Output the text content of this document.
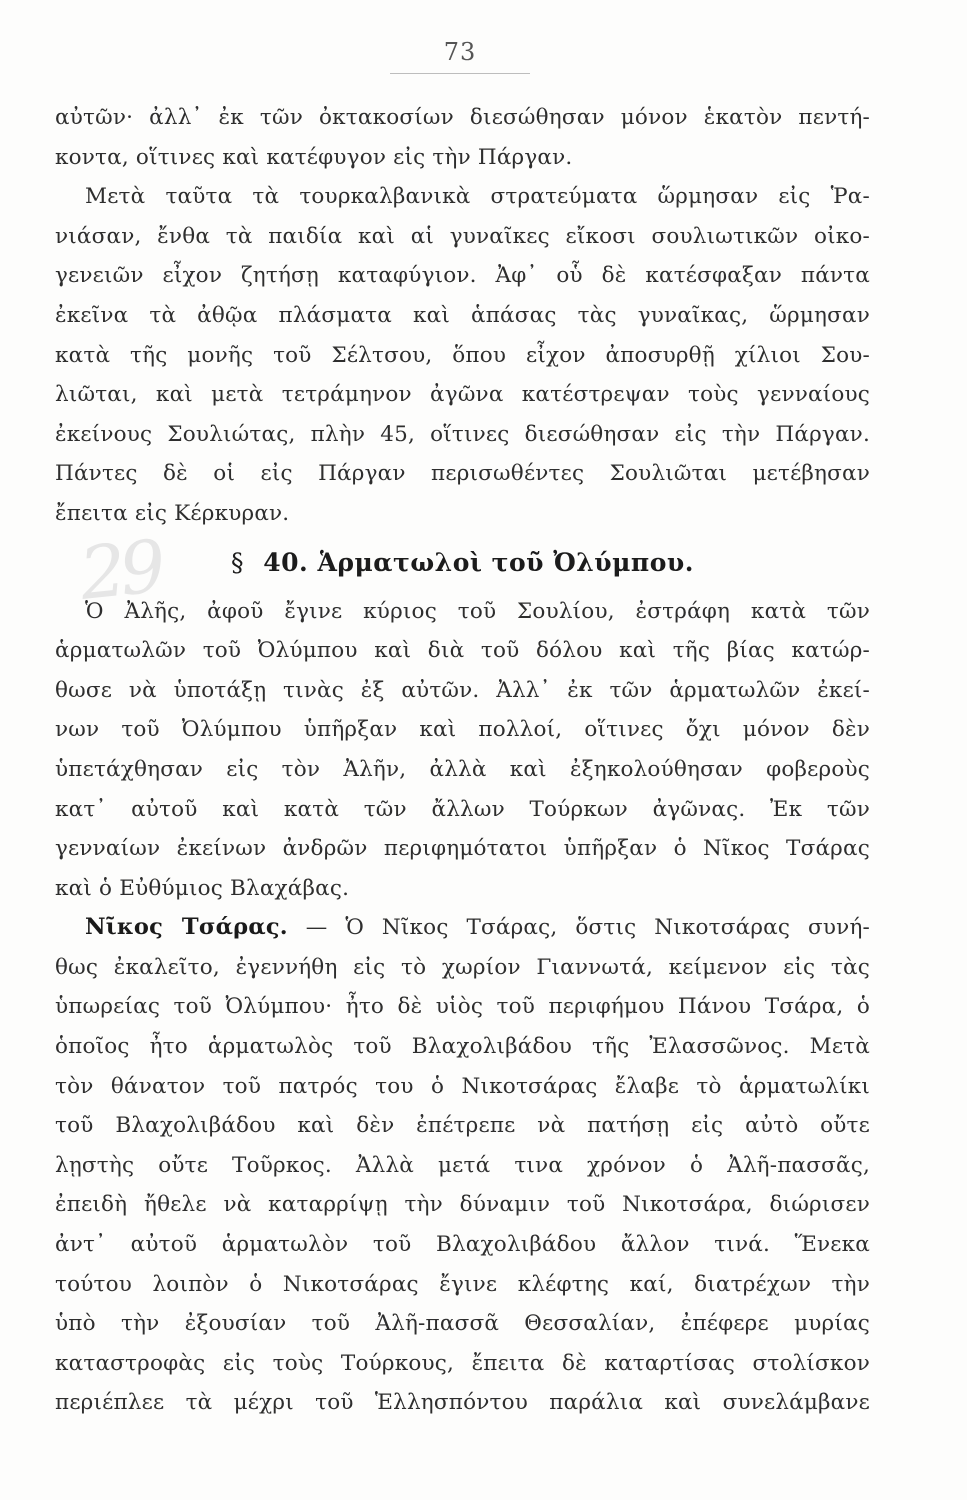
73
29
αὐτῶν· ἀλλ᾽ ἐκ τῶν ὀκτακοσίων διεσώθησαν μόνον ἑκατὸν πεντή-
κοντα, οἵτινες καὶ κατέφυγον εἰς τὴν Πάργαν.
Μετὰ ταῦτα τὰ τουρκαλβανικὰ στρατεύματα ὥρμησαν εἰς Ῥα-
νιάσαν, ἔνθα τὰ παιδία καὶ αἱ γυναῖκες εἴκοσι σουλιωτικῶν οἰκο-
γενειῶν εἶχον ζητήσῃ καταφύγιον. Ἀφ᾽ οὗ δὲ κατέσφαξαν πάντα
ἐκεῖνα τὰ ἀθῷα πλάσματα καὶ ἁπάσας τὰς γυναῖκας, ὥρμησαν
κατὰ τῆς μονῆς τοῦ Σέλτσου, ὅπου εἶχον ἀποσυρθῇ χίλιοι Σου-
λιῶται, καὶ μετὰ τετράμηνον ἀγῶνα κατέστρεψαν τοὺς γενναίους
ἐκείνους Σουλιώτας, πλὴν 45, οἵτινες διεσώθησαν εἰς τὴν Πάργαν.
Πάντες δὲ οἱ εἰς Πάργαν περισωθέντες Σουλιῶται μετέβησαν
ἔπειτα εἰς Κέρκυραν.
§ 40. Ἁρματωλοὶ τοῦ Ὀλύμπου.
Ὁ Ἀλῆς, ἀφοῦ ἔγινε κύριος τοῦ Σουλίου, ἐστράφη κατὰ τῶν
ἁρματωλῶν τοῦ Ὀλύμπου καὶ διὰ τοῦ δόλου καὶ τῆς βίας κατώρ-
θωσε νὰ ὑποτάξῃ τινὰς ἐξ αὐτῶν. Ἀλλ᾽ ἐκ τῶν ἁρματωλῶν ἐκεί-
νων τοῦ Ὀλύμπου ὑπῆρξαν καὶ πολλοί, οἵτινες ὄχι μόνον δὲν
ὑπετάχθησαν εἰς τὸν Ἀλῆν, ἀλλὰ καὶ ἐξηκολούθησαν φοβεροὺς
κατ᾽ αὐτοῦ καὶ κατὰ τῶν ἄλλων Τούρκων ἀγῶνας. Ἐκ τῶν
γενναίων ἐκείνων ἀνδρῶν περιφημότατοι ὑπῆρξαν ὁ Νῖκος Τσάρας
καὶ ὁ Εὐθύμιος Βλαχάβας.
Νῖκος Τσάρας. — Ὁ Νῖκος Τσάρας, ὅστις Νικοτσάρας συνή-
θως ἐκαλεῖτο, ἐγεννήθη εἰς τὸ χωρίον Γιαννωτά, κείμενον εἰς τὰς
ὑπωρείας τοῦ Ὀλύμπου· ἦτο δὲ υἱὸς τοῦ περιφήμου Πάνου Τσάρα, ὁ
ὁποῖος ἦτο ἁρματωλὸς τοῦ Βλαχολιβάδου τῆς Ἐλασσῶνος. Μετὰ
τὸν θάνατον τοῦ πατρός του ὁ Νικοτσάρας ἔλαβε τὸ ἁρματωλίκι
τοῦ Βλαχολιβάδου καὶ δὲν ἐπέτρεπε νὰ πατήσῃ εἰς αὐτὸ οὔτε
λῃστὴς οὔτε Τοῦρκος. Ἀλλὰ μετά τινα χρόνον ὁ Ἀλῆ-πασσᾶς,
ἐπειδὴ ἤθελε νὰ καταρρίψῃ τὴν δύναμιν τοῦ Νικοτσάρα, διώρισεν
ἀντ᾽ αὐτοῦ ἁρματωλὸν τοῦ Βλαχολιβάδου ἄλλον τινά. Ἕνεκα
τούτου λοιπὸν ὁ Νικοτσάρας ἔγινε κλέφτης καί, διατρέχων τὴν
ὑπὸ τὴν ἐξουσίαν τοῦ Ἀλῆ-πασσᾶ Θεσσαλίαν, ἐπέφερε μυρίας
καταστροφὰς εἰς τοὺς Τούρκους, ἔπειτα δὲ καταρτίσας στολίσκον
περιέπλεε τὰ μέχρι τοῦ Ἑλλησπόντου παράλια καὶ συνελάμβανε
